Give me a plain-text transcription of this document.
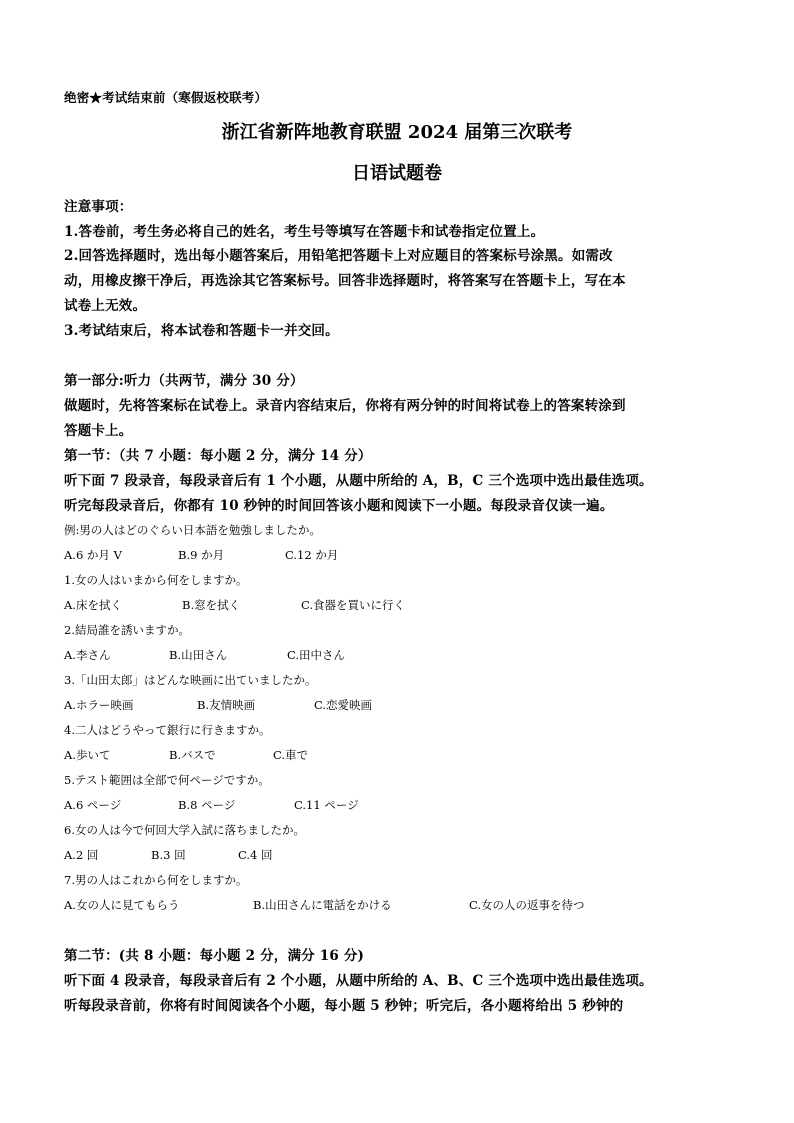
绝密★考试结束前（寒假返校联考）
浙江省新阵地教育联盟 2024 届第三次联考
日语试题卷
注意事项：
1.答卷前，考生务必将自己的姓名，考生号等填写在答题卡和试卷指定位置上。
2.回答选择题时，选出每小题答案后，用铅笔把答题卡上对应题目的答案标号涂黑。如需改
动，用橡皮擦干净后，再选涂其它答案标号。回答非选择题时，将答案写在答题卡上，写在本
试卷上无效。
3.考试结束后，将本试卷和答题卡一并交回。
第一部分:听力（共两节，满分 30 分）
做题时，先将答案标在试卷上。录音内容结束后，你将有两分钟的时间将试卷上的答案转涂到
答题卡上。
第一节：（共 7 小题：每小题 2 分，满分 14 分）
听下面 7 段录音，每段录音后有 1 个小题，从题中所给的 A，B，C 三个选项中选出最佳选项。
听完每段录音后，你都有 10 秒钟的时间回答该小题和阅读下一小题。每段录音仅读一遍。
例:男の人はどのぐらい日本語を勉強しましたか。
A.6 か月 V	B.9 か月	C.12 か月
1.女の人はいまから何をしますか。
A.床を拭く	B.窓を拭く	C.食器を買いに行く
2.結局誰を誘いますか。
A.李さん	B.山田さん	C.田中さん
3.「山田太郎」はどんな映画に出ていましたか。
A.ホラー映画	B.友情映画	C.恋愛映画
4.二人はどうやって銀行に行きますか。
A.歩いて	B.バスで	C.車で
5.テスト範囲は全部で何ページですか。
A.6 ページ	B.8 ページ	C.11 ページ
6.女の人は今で何回大学入試に落ちましたか。
A.2 回	B.3 回	C.4 回
7.男の人はこれから何をしますか。
A.女の人に見てもらう	B.山田さんに電話をかける	C.女の人の返事を待つ
第二节：(共 8 小题：每小题 2 分，满分 16 分)
听下面 4 段录音，每段录音后有 2 个小题，从题中所给的 A、B、C 三个选项中选出最佳选项。
听每段录音前，你将有时间阅读各个小题，每小题 5 秒钟；听完后，各小题将给出 5 秒钟的
